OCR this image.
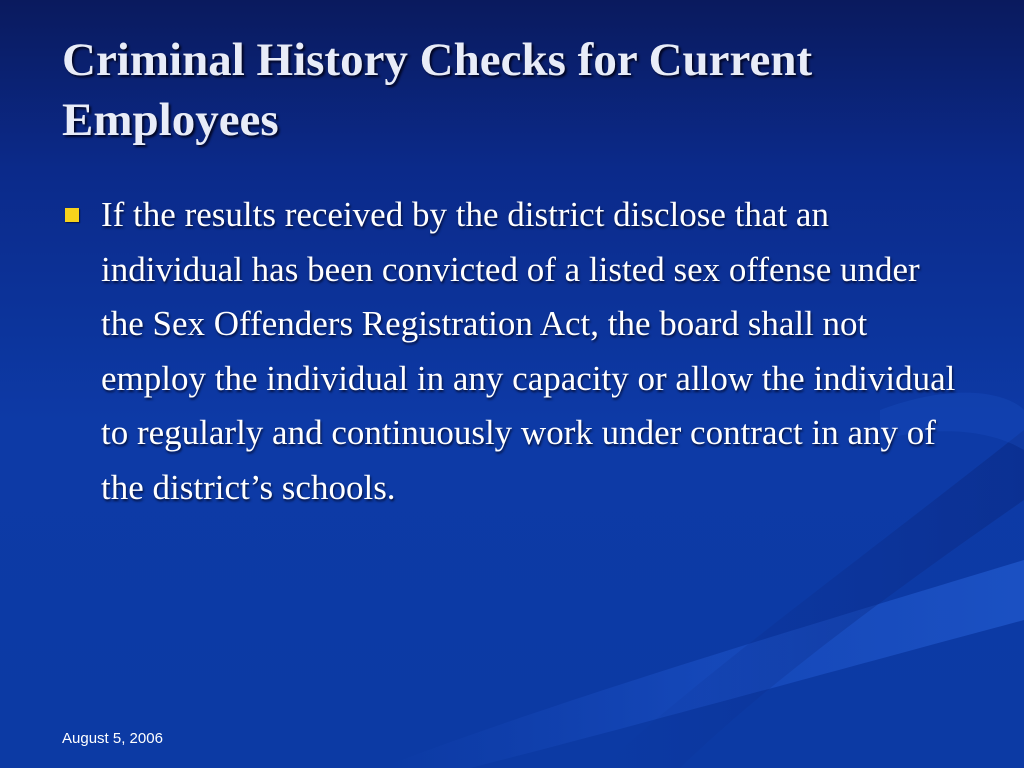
Criminal History Checks for Current Employees
If the results received by the district disclose that an individual has been convicted of a listed sex offense under the Sex Offenders Registration Act, the board shall not employ the individual in any capacity or allow the individual to regularly and continuously work under contract in any of the district’s schools.
August 5, 2006
